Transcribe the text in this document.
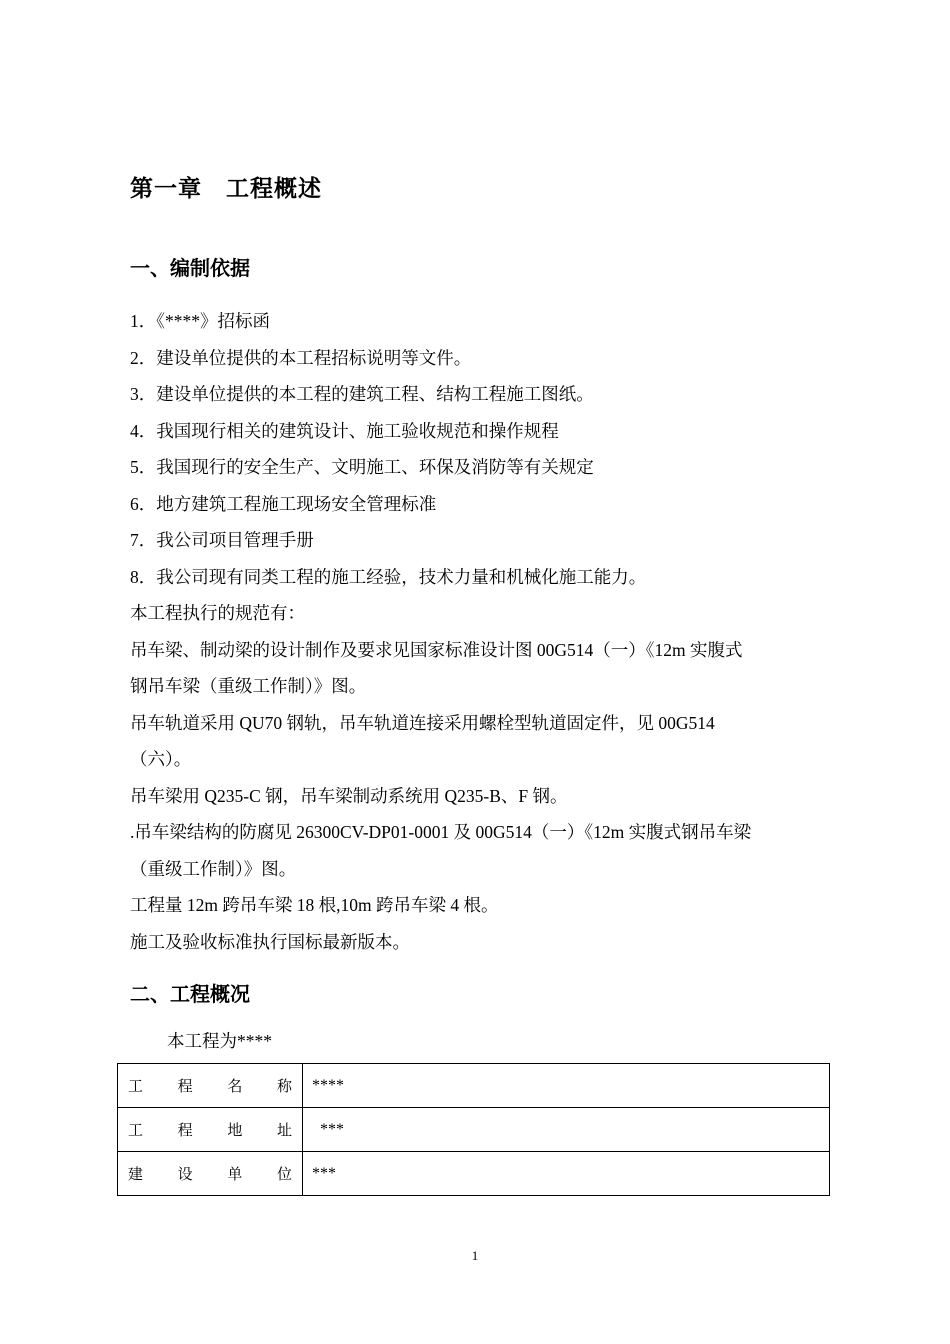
第一章　工程概述
一、编制依据

1．《****》招标函

2．建设单位提供的本工程招标说明等文件。

3．建设单位提供的本工程的建筑工程、结构工程施工图纸。

4．我国现行相关的建筑设计、施工验收规范和操作规程

5．我国现行的安全生产、文明施工、环保及消防等有关规定

6．地方建筑工程施工现场安全管理标准

7．我公司项目管理手册

8．我公司现有同类工程的施工经验，技术力量和机械化施工能力。

本工程执行的规范有：

吊车梁、制动梁的设计制作及要求见国家标准设计图 00G514（一）《12m 实腹式

钢吊车梁（重级工作制）》图。

吊车轨道采用 QU70 钢轨，吊车轨道连接采用螺栓型轨道固定件，见 00G514

（六）。

吊车梁用 Q235-C 钢，吊车梁制动系统用 Q235-B、F 钢。

.吊车梁结构的防腐见 26300CV-DP01-0001 及 00G514（一）《12m 实腹式钢吊车梁

（重级工作制）》图。

工程量 12m 跨吊车梁 18 根,10m 跨吊车梁 4 根。

施工及验收标准执行国标最新版本。

二、工程概况
本工程为****
工 程 名 称	****

工 程 地 址	***

建 设 单 位	***
1
